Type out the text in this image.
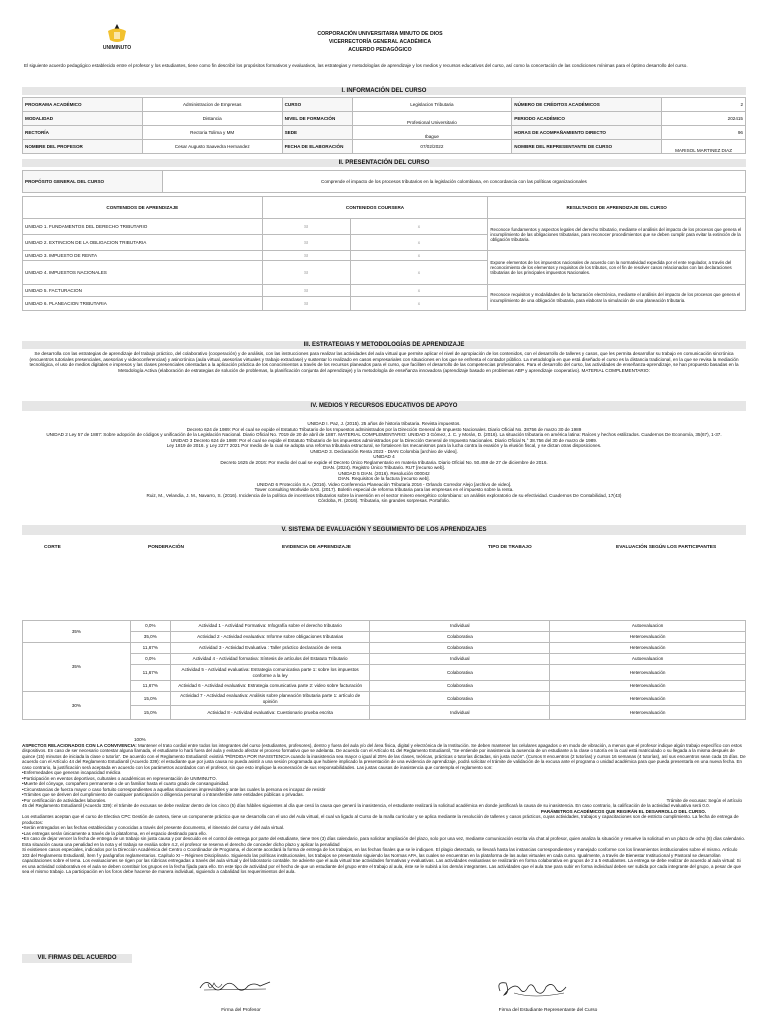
UNIMINUTO
CORPORACIÓN UNIVERSITARIA MINUTO DE DIOS
VICERRECTORÍA GENERAL ACADÉMICA
ACUERDO PEDAGÓGICO
El siguiente acuerdo pedagógico establecido entre el profesor y los estudiantes, tiene como fin describir los propósitos formativos y evaluativos, las estrategias y metodologías de aprendizaje y los medios y recursos educativos del curso, así como la concertación de las condiciones mínimas para el óptimo desarrollo del curso.
I. INFORMACIÓN DEL CURSO
PROGRAMA ACADÉMICO	Administracion de Empresas	CURSO	Legislacion Tributaria	NÚMERO DE CRÉDITOS ACADÉMICOS	2
MODALIDAD	Distancia	NIVEL DE FORMACIÓN	Profesional Universitario	PERIODO ACADÉMICO	202415
RECTORÍA	Rectoria Tolima y MM	SEDE	Ibague	HORAS DE ACOMPAÑAMIENTO DIRECTO	96
NOMBRE DEL PROFESOR	Cesar Augusto Saavedra Hernandez	FECHA DE ELABORACIÓN	07/02/2022	NOMBRE DEL REPRESENTANTE DE CURSO	MARISOL MARTINEZ DIAZ
II. PRESENTACIÓN DEL CURSO
PROPÓSITO GENERAL DEL CURSO	Comprende el impacto de los procesos tributarios en la legislación colombiana, en concordancia con las políticas organizacionales
CONTENIDOS DE APRENDIZAJE	CONTENIDOS COURSERA		RESULTADOS DE APRENDIZAJE DEL CURSO
UNIDAD 1. FUNDAMENTOS DEL DERECHO TRIBUTARIO	SI	x	Reconoce fundamentos y aspectos legales del derecho tributario, mediante el análisis del impacto de los procesos que genera el incumplimiento de las obligaciones tributarias, para reconocer procedimientos que se deben cumplir para evitar la extinción de la obligación tributaria.
UNIDAD 2. EXTINCION DE LA OBLIGACION TRIBUTARIA	SI	x	
UNIDAD 3. IMPUESTO DE RENTA	SI	x	Expone elementos de los impuestos nacionales de acuerdo con la normatividad expedida por el ente regulador, a través del reconocimiento de los elementos y requisitos de los tributos, con el fin de resolver casos relacionados con las declaraciones tributarias de los principales impuestos Nacionales.
UNIDAD 4. IMPUESTOS NACIONALES	SI	x	
UNIDAD 5. FACTURACION	SI	x	Reconoce requisitos y modalidades de la facturación electrónica, mediante el análisis del impacto de los procesos que genera el incumplimiento de una obligación tributaria, para elaborar la simulación de una planeación tributaria.
UNIDAD 6. PLANEACION TRIBUTARIA	SI	x	
III. ESTRATEGIAS Y METODOLOGÍAS DE APRENDIZAJE
Se desarrolla con las estrategias de aprendizaje del trabajo práctico, del colaborativo (cooperación) y de análisis, con las instrucciones para realizar las actividades del aula virtual que permite aplicar el nivel de apropiación de los contenidos, con el desarrollo de talleres y casos, que les permita desarrollar su trabajo en comunicación sincrónica (encuentros tutoriales presenciales, asesorías y videoconferencias) y asincrónica (aula virtual, asesorías virtuales y trabajo extraclase) y sustentar lo realizado en casos empresariales con situaciones en los que se enfrenta el contador público. La metodología en que está diseñado el curso es la distancia tradicional, en la que se revisa la mediación tecnológica, el uso de medios digitales e impresos y las clases presenciales orientadas a la aplicación práctica de los conocimientos a través de los recursos planeados para el curso, que faciliten el desarrollo de las competencias profesionales. Para el desarrollo del curso, las actividades de enseñanza-aprendizaje, se han propuesto basadas en la Metodología Activa (elaboración de estrategias de solución de problemas, la planificación conjunta del aprendizaje) y la metodología de enseñanza innovadora (aprendizaje basado en problemas ABP y aprendizaje cooperativo). MATERIAL COMPLEMENTARIO:
IV. MEDIOS Y RECURSOS EDUCATIVOS DE APOYO
UNIDAD I. Paz, J. (2015). 25 años de historia tributaria. Revista impuestos.
Decreto 624 de 1989: Por el cual se expide el Estatuto Tributario de los Impuestos administrados por la Dirección General de Impuesto Nacionales. Diario Oficial No. 38756 de marzo 30 de 1989
UNIDAD 2 Ley 57 de 1887: Sobre adopción de códigos y unificación de la Legislación Nacional. Diario Oficial No. 7019 de 20 de abril de 1887. MATERIAL COMPLEMENTARIO: UNIDAD 3 Gómez, J. C. y Morán, D. (2016). La situación tributaria en américa latina: Raíces y hechos estilizados. Cuadernos De Economía, 35(67), 1-37.
UNIDAD 3 Decreto 624 de 1989: Por el cual se expide el Estatuto Tributario de los impuestos administrados por la Dirección General de Impuesto Nacionales. Diario Oficial N.° 38.756 del 30 de marzo de 1989.
Ley 1819 de 2016. y Ley 2277 2021 Por medio de la cual se adopta una reforma tributaria estructural, se fortalecen los mecanismos para la lucha contra la evasión y la elusión fiscal, y se dictan otras disposiciones.
UNIDAD 3. Declaración Renta 2023 - DIAN Colombia [archivo de video].
UNIDAD 4
Decreto 1625 de 2016: Por medio del cual se expide el Decreto Único Reglamentario en materia tributaria. Diario Oficial No. 50.459 de 27 de diciembre de 2016.
DIAN. (2024). Registro Único Tributario. RUT [recurso web].
UNIDAD 5 DIAN. (2016). Resolución 000042
DIAN. Requisitos de la factura [recurso web].
UNIDAD 6 Protección S.A. (2016). Video Conferencia Planeación Tributaria 2016 - Orlando Corredor Alejo [archivo de video].
Tower consulting Worlwide SAS. (2017). Boletín especial de reforma tributaria para las empresas en el impuesto sobre la renta.
Ruiz, M., Velandia, J. M., Navarro, S. (2016). Incidencia de la política de incentivos tributarios sobre la inversión en el sector minero energético colombiano: un análisis exploratorio de su efectividad. Cuadernos De Contabilidad, 17(43)
Córdoba, R. (2016). Tributaria, sin grandes sorpresas. Portafolio.
V. SISTEMA DE EVALUACIÓN Y SEGUIMIENTO DE LOS APRENDIZAJES
CORTE	PONDERACIÓN	EVIDENCIA DE APRENDIZAJE	TIPO DE TRABAJO	EVALUACIÓN SEGÚN LOS PARTICIPANTES
35%	0,0%	Actividad 1 - Actividad Formativa: Infografía sobre el derecho tributario	Individual	Autoevaluacion
	35,0%	Actividad 2 - Actividad evaluativa: Informe sobre obligaciones tributarias	Colaborativa	Heteroevaluación
35%	11,67%	Actividad 3 - Actividad Evaluativa : Taller práctico declaración de renta	Colaborativa	Heteroevaluación
	0,0%	Actividad 4 - Actividad formativa: Síntesis de artículos del Estatuto Tributario	Individual	Autoevaluacion
	11,67%	Actividad 5 - Actividad evaluativa: Estrategia comunicativa parte 1: sobre los impuestos conforme a la ley	Colaborativa	Heteroevaluación
	11,67%	Actividad 6 - Actividad evaluativa: Estrategia comunicativa parte 2: video sobre facturación	Colaborativa	Heteroevaluación
30%	15,0%	Actividad 7 - Actividad evaluativa: Análisis sobre planeación tributaria parte 1: artículo de opinión	Colaborativa	Heteroevaluación
	15,0%	Actividad 8 - Actividad evaluativa: Cuestionario prueba escrita	Individual	Heteroevaluación
100%
ASPECTOS RELACIONADOS CON LA CONVIVENCIA: Mantener el trato cordial entre todos los integrantes del curso (estudiantes, profesores), dentro y fuera del aula y/o del área física, digital y electrónica de la Institución. Se deben mantener los celulares apagados o en modo de vibración, a menos que el profesor indique algún trabajo específico con estos dispositivos. En caso de ser necesario contestar alguna llamada, el estudiante lo hará fuera del aula y evitando afectar el proceso formativo que se adelanta. De acuerdo con el Artículo 61 del Reglamento Estudiantil, "Se entiende por inasistencia la ausencia de un estudiante a la clase o tutoría en la cual está matriculado o su llegada a la misma después de quince (15) minutos de iniciada la clase o tutoría". De acuerdo con el Reglamento Estudiantil: existirá "PÉRDIDA POR INASISTENCIA cuando la inasistencia sea mayor o igual al 25% de las clases, teóricas, prácticas o tutorías dictadas, sin justa razón". (Cursos 8 encuentros (2 tutorías) y cursos 16 semanas (4 tutorías), así sus encuentros sean cada 15 días. De acuerdo con el Artículo 44 del Reglamento Estudiantil (Acuerdo 339): el estudiante que por justa causa no pueda asistir a una sesión programada que hubiere implicado la presentación de una evidencia de aprendizaje, podrá solicitar el trámite de validación de la excusa ante el programa o unidad académica para que pueda presentarla en una nueva fecha. En caso contrario, la justificación será aceptada en acuerdo con los parámetros acordados con el profesor, sin que esto implique la exoneración de sus responsabilidades. Las justas causas de inasistencia que contempla el reglamento son:
•Enfermedades que generan incapacidad médica
•Participación en eventos deportivos, culturales o académicos en representación de UNIMINUTO.
•Muerte del cónyuge, compañero permanente o de un familiar hasta el cuarto grado de consanguinidad.
•Circunstancias de fuerza mayor o caso fortuito correspondientes a aquellas situaciones imprevisibles y ante las cuales la persona es incapaz de resistir
•Trámites que se deriven del cumplimiento de cualquier participación o diligencia personal o intransferible ante entidades públicas o privadas.
•Por certificación de actividades laborales.	Trámite de excusas: Según el artículo
45 del Reglamento Estudiantil (Acuerdo 339): el trámite de excusas se debe realizar dentro de los cinco (5) días hábiles siguientes al día que cesó la causa que generó la inasistencia, el estudiante realizará la solicitud académica en donde justificará la causa de su inasistencia. En caso contrario, la calificación de la actividad evaluativa será 0.0.
PARÁMETROS ACADÉMICOS QUE REGIRÁN EL DESARROLLO DEL CURSO.
Los estudiantes aceptan que el curso de Electiva CPC Gestión de cartera, tiene un componente práctico que se desarrolla con el uso del Aula virtual, el cual va ligado al Curso de la malla curricular y se aplica mediante la resolución de talleres y casos prácticos, cuyas actividades, trabajos y capacitaciones son de estricto cumplimiento. La fecha de entrega de productos:
•Serán entregados en las fechas establecidas y conocidas a través del presente documento, el itinerario del curso y del aula virtual.
•Las entregas serán únicamente a través de la plataforma, en el espacio destinado para ello.
•En caso de dejar vencer la fecha de entrega de un trabajo sin justa causa y por descuido en el control de entrega por parte del estudiante, tiene tres (3) días calendario, para solicitar ampliación del plazo, solo por una vez, mediante comunicación escrita vía chat al profesor, quien analiza la situación y resuelve la solicitud en un plazo de ocho (8) días calendario. Esta situación causa una penalidad en la nota y el trabajo se evalúa sobre 4.2, el profesor se reserva el derecho de conceder dicho plazo y aplicar la penalidad
Si existiesen casos especiales, indicados por la Dirección Académica del Centro o Coordinador de Programa, el docente acordará la forma de entrega de los trabajos, en las fechas finales que se le indiquen. El plagio detectado, se llevará hasta las instancias correspondientes y manejado conforme con los lineamientos institucionales sobre el mismo. Artículo 103 del Reglamento Estudiantil, ítem f y parágrafos reglamentarios. Capítulo XI – Régimen Disciplinario. Siguiendo las políticas institucionales, los trabajos se presentarán siguiendo las Normas APA, las cuales se encuentran en la plataforma de las aulas virtuales en cada curso. Igualmente, a través de Bienestar Institucional y Pastoral se desarrollan capacitaciones sobre el tema. Los evaluaciones se rigen por las rúbricas entregadas a través del aula virtual y del laboratorio contable. Se advierte que el aula virtual trae actividades formativas y evaluativas. Las actividades evaluativas se realizarán en forma colaborativa en grupos de 2 a 5 estudiantes. La entrega se debe realizar de acuerdo al aula virtual: Si es una actividad colaborativa en el aula se deben constituir los grupos en la fecha fijada para ello. En este tipo de actividad por el hecho de que un estudiante del grupo entre el trabajo al aula, éste se le subirá a los demás integrantes. Las actividades que el aula trae para subir en forma individual deben ser subida por cada integrante del grupo, a pesar de que sea el mismo trabajo. La participación en los foros debe hacerse de manera individual, siguiendo a cabalidad los requerimientos del aula.
VII. FIRMAS DEL ACUERDO
Firma del Profesor	Firma del Estudiante Representante del Curso
